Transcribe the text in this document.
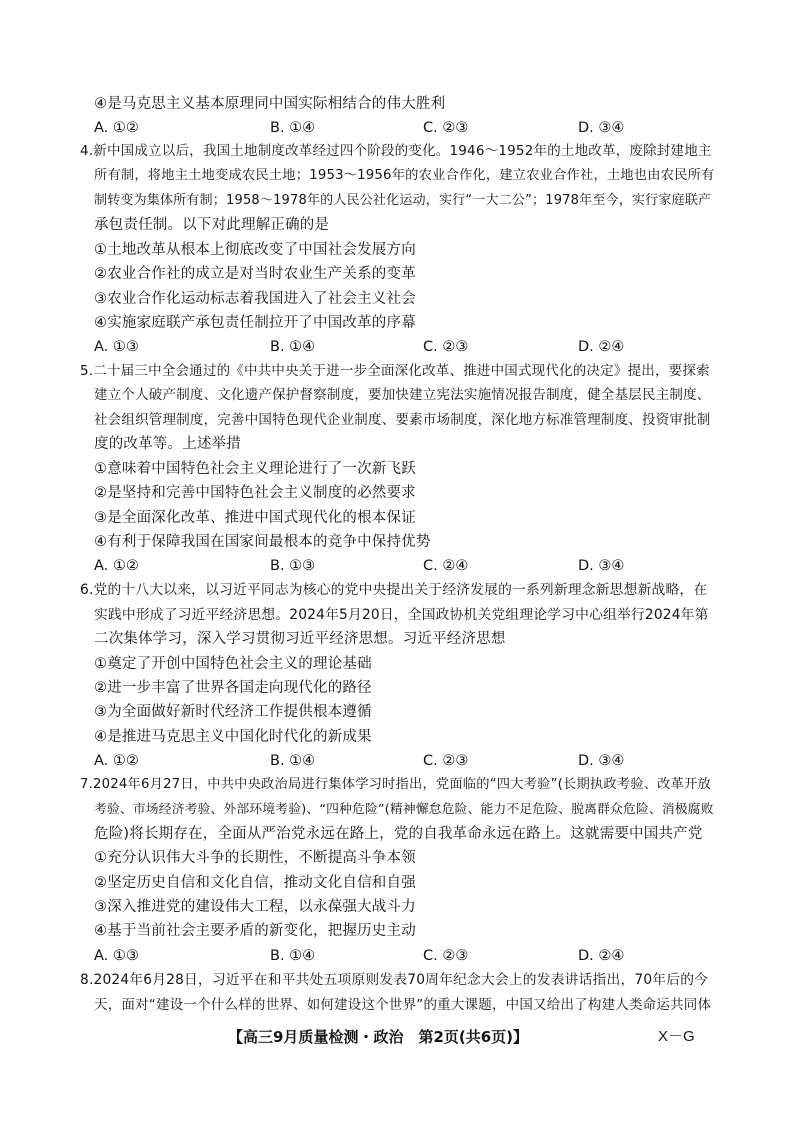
④是马克思主义基本原理同中国实际相结合的伟大胜利
A. ①②	B. ①④	C. ②③	D. ③④
4.新中国成立以后，我国土地制度改革经过四个阶段的变化。1946～1952年的土地改革，废除封建地主
所有制，将地主土地变成农民土地；1953～1956年的农业合作化，建立农业合作社，土地也由农民所有
制转变为集体所有制；1958～1978年的人民公社化运动，实行“一大二公”；1978年至今，实行家庭联产
承包责任制。以下对此理解正确的是
①土地改革从根本上彻底改变了中国社会发展方向
②农业合作社的成立是对当时农业生产关系的变革
③农业合作化运动标志着我国进入了社会主义社会
④实施家庭联产承包责任制拉开了中国改革的序幕
A. ①③	B. ①④	C. ②③	D. ②④
5.二十届三中全会通过的《中共中央关于进一步全面深化改革、推进中国式现代化的决定》提出，要探索
建立个人破产制度、文化遗产保护督察制度，要加快建立宪法实施情况报告制度，健全基层民主制度、
社会组织管理制度，完善中国特色现代企业制度、要素市场制度，深化地方标准管理制度、投资审批制
度的改革等。上述举措
①意味着中国特色社会主义理论进行了一次新飞跃
②是坚持和完善中国特色社会主义制度的必然要求
③是全面深化改革、推进中国式现代化的根本保证
④有利于保障我国在国家间最根本的竞争中保持优势
A. ①②	B. ①③	C. ②④	D. ③④
6.党的十八大以来，以习近平同志为核心的党中央提出关于经济发展的一系列新理念新思想新战略，在
实践中形成了习近平经济思想。2024年5月20日，全国政协机关党组理论学习中心组举行2024年第
二次集体学习，深入学习贯彻习近平经济思想。习近平经济思想
①奠定了开创中国特色社会主义的理论基础
②进一步丰富了世界各国走向现代化的路径
③为全面做好新时代经济工作提供根本遵循
④是推进马克思主义中国化时代化的新成果
A. ①②	B. ①④	C. ②③	D. ③④
7.2024年6月27日，中共中央政治局进行集体学习时指出，党面临的“四大考验”(长期执政考验、改革开放
考验、市场经济考验、外部环境考验)、“四种危险”(精神懈怠危险、能力不足危险、脱离群众危险、消极腐败
危险)将长期存在，全面从严治党永远在路上，党的自我革命永远在路上。这就需要中国共产党
①充分认识伟大斗争的长期性，不断提高斗争本领
②坚定历史自信和文化自信，推动文化自信和自强
③深入推进党的建设伟大工程，以永葆强大战斗力
④基于当前社会主要矛盾的新变化，把握历史主动
A. ①③	B. ①④	C. ②③	D. ②④
8.2024年6月28日，习近平在和平共处五项原则发表70周年纪念大会上的发表讲话指出，70年后的今
天，面对“建设一个什么样的世界、如何建设这个世界”的重大课题，中国又给出了构建人类命运共同体
【高三9月质量检测・政治　第2页(共6页)】	X－G
